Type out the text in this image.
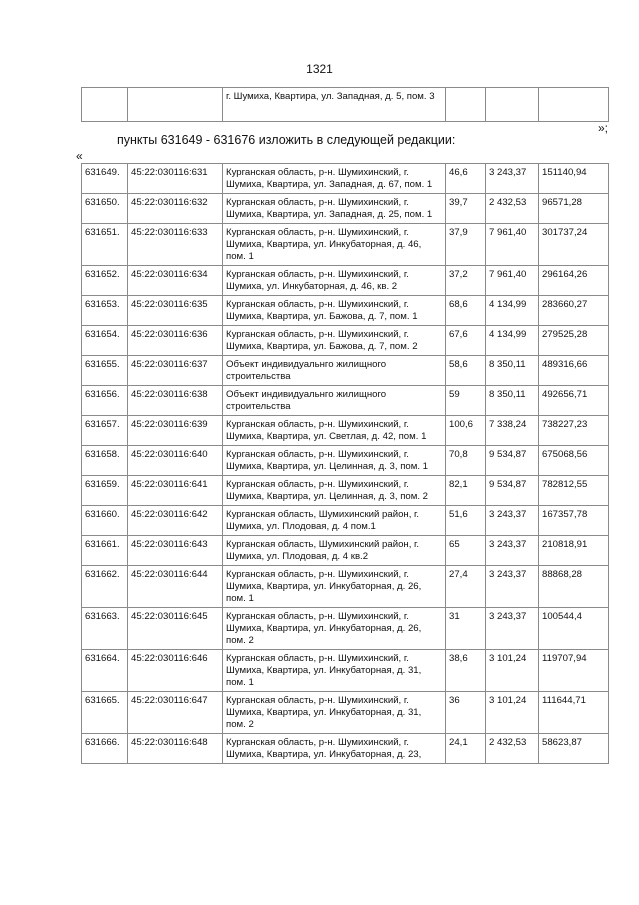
1321
		г. Шумиха, Квартира, ул. Западная, д. 5, пом. 3			
»;
пункты 631649 - 631676 изложить в следующей редакции:
«
631649.	45:22:030116:631	Курганская область, р-н. Шумихинский, г. Шумиха, Квартира, ул. Западная, д. 67, пом. 1	46,6	3 243,37	151140,94
631650.	45:22:030116:632	Курганская область, р-н. Шумихинский, г. Шумиха, Квартира, ул. Западная, д. 25, пом. 1	39,7	2 432,53	96571,28
631651.	45:22:030116:633	Курганская область, р-н. Шумихинский, г. Шумиха, Квартира, ул. Инкубаторная, д. 46, пом. 1	37,9	7 961,40	301737,24
631652.	45:22:030116:634	Курганская область, р-н. Шумихинский, г. Шумиха, ул. Инкубаторная, д. 46, кв. 2	37,2	7 961,40	296164,26
631653.	45:22:030116:635	Курганская область, р-н. Шумихинский, г. Шумиха, Квартира, ул. Бажова, д. 7, пом. 1	68,6	4 134,99	283660,27
631654.	45:22:030116:636	Курганская область, р-н. Шумихинский, г. Шумиха, Квартира, ул. Бажова, д. 7, пом. 2	67,6	4 134,99	279525,28
631655.	45:22:030116:637	Объект индивидуальнго жилищного строительства	58,6	8 350,11	489316,66
631656.	45:22:030116:638	Объект индивидуальнго жилищного строительства	59	8 350,11	492656,71
631657.	45:22:030116:639	Курганская область, р-н. Шумихинский, г. Шумиха, Квартира, ул. Светлая, д. 42, пом. 1	100,6	7 338,24	738227,23
631658.	45:22:030116:640	Курганская область, р-н. Шумихинский, г. Шумиха, Квартира, ул. Целинная, д. 3, пом. 1	70,8	9 534,87	675068,56
631659.	45:22:030116:641	Курганская область, р-н. Шумихинский, г. Шумиха, Квартира, ул. Целинная, д. 3, пом. 2	82,1	9 534,87	782812,55
631660.	45:22:030116:642	Курганская область, Шумихинский район, г. Шумиха, ул. Плодовая, д. 4 пом.1	51,6	3 243,37	167357,78
631661.	45:22:030116:643	Курганская область, Шумихинский район, г. Шумиха, ул. Плодовая, д. 4 кв.2	65	3 243,37	210818,91
631662.	45:22:030116:644	Курганская область, р-н. Шумихинский, г. Шумиха, Квартира, ул. Инкубаторная, д. 26, пом. 1	27,4	3 243,37	88868,28
631663.	45:22:030116:645	Курганская область, р-н. Шумихинский, г. Шумиха, Квартира, ул. Инкубаторная, д. 26, пом. 2	31	3 243,37	100544,4
631664.	45:22:030116:646	Курганская область, р-н. Шумихинский, г. Шумиха, Квартира, ул. Инкубаторная, д. 31, пом. 1	38,6	3 101,24	119707,94
631665.	45:22:030116:647	Курганская область, р-н. Шумихинский, г. Шумиха, Квартира, ул. Инкубаторная, д. 31, пом. 2	36	3 101,24	111644,71
631666.	45:22:030116:648	Курганская область, р-н. Шумихинский, г. Шумиха, Квартира, ул. Инкубаторная, д. 23,	24,1	2 432,53	58623,87
